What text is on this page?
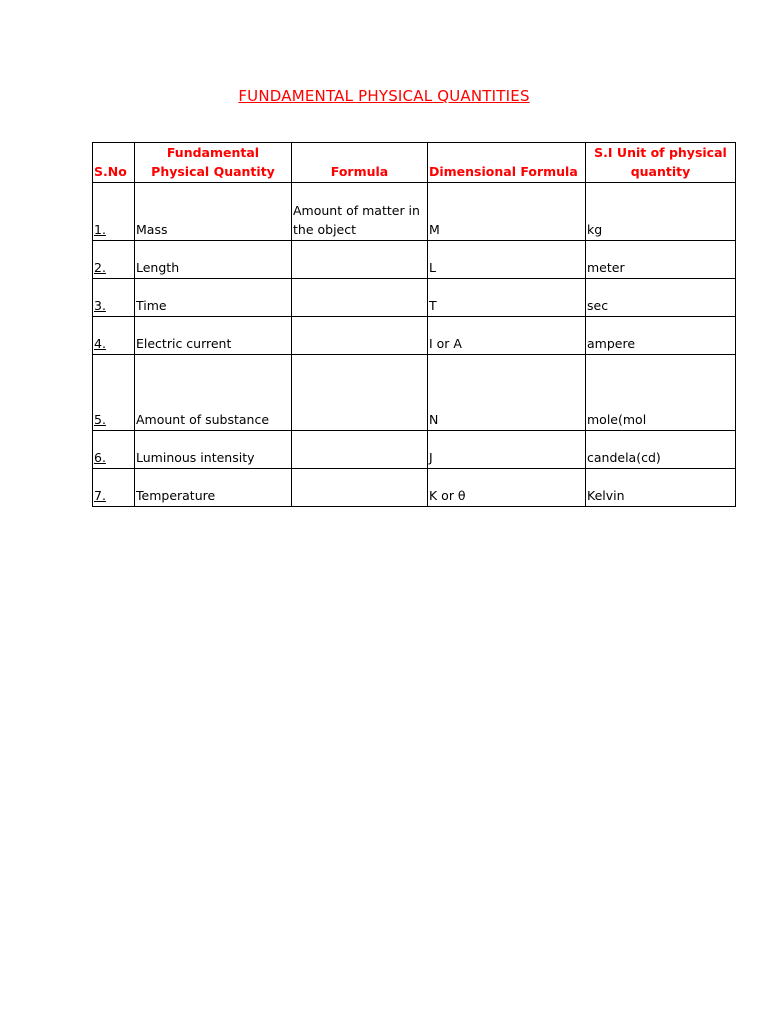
FUNDAMENTAL PHYSICAL QUANTITIES
S.No	Fundamental Physical Quantity	Formula	Dimensional Formula	S.I Unit of physical quantity
1.	Mass	Amount of matter in the object	M	kg
2.	Length		L	meter
3.	Time		T	sec
4.	Electric current		I or A	ampere
5.	Amount of substance		N	mole(mol
6.	Luminous intensity		J	candela(cd)
7.	Temperature		K or θ	Kelvin
